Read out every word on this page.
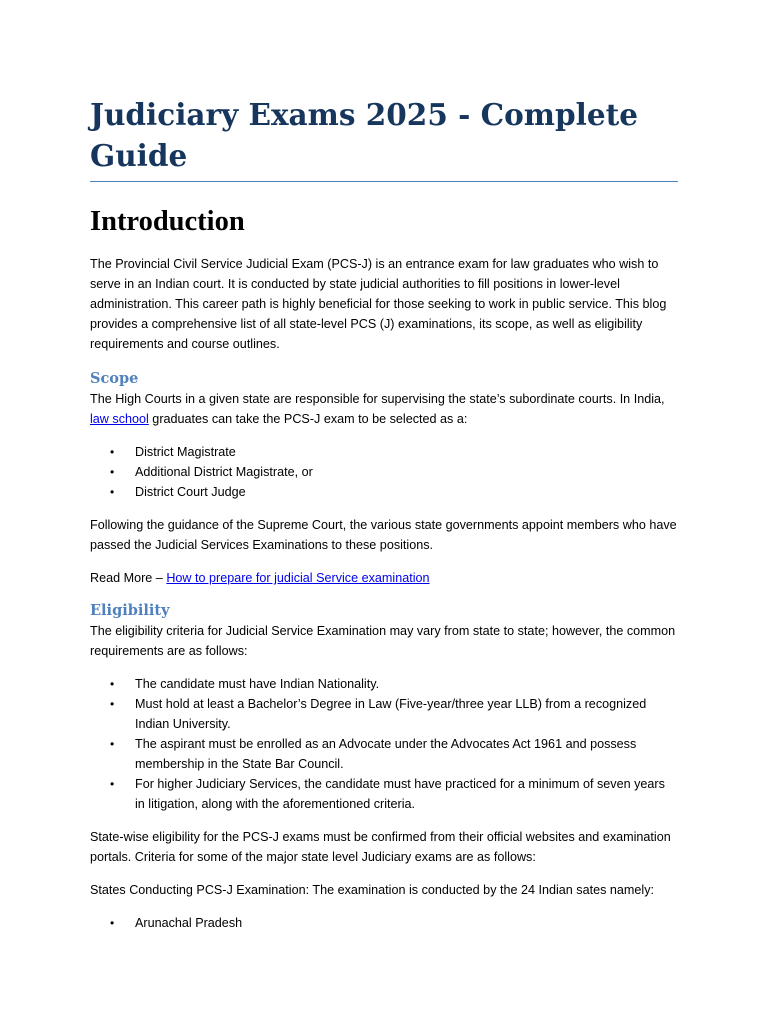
Judiciary Exams 2025 - Complete Guide
Introduction

The Provincial Civil Service Judicial Exam (PCS-J) is an entrance exam for law graduates who wish to serve in an Indian court. It is conducted by state judicial authorities to fill positions in lower-level administration. This career path is highly beneficial for those seeking to work in public service. This blog provides a comprehensive list of all state-level PCS (J) examinations, its scope, as well as eligibility requirements and course outlines.

Scope

The High Courts in a given state are responsible for supervising the state’s subordinate courts. In India, law school graduates can take the PCS-J exam to be selected as a:

• District Magistrate
• Additional District Magistrate, or
• District Court Judge

Following the guidance of the Supreme Court, the various state governments appoint members who have passed the Judicial Services Examinations to these positions.

Read More – How to prepare for judicial Service examination

Eligibility

The eligibility criteria for Judicial Service Examination may vary from state to state; however, the common requirements are as follows:

• The candidate must have Indian Nationality.
• Must hold at least a Bachelor’s Degree in Law (Five-year/three year LLB) from a recognized Indian University.
• The aspirant must be enrolled as an Advocate under the Advocates Act 1961 and possess membership in the State Bar Council.
• For higher Judiciary Services, the candidate must have practiced for a minimum of seven years in litigation, along with the aforementioned criteria.

State-wise eligibility for the PCS-J exams must be confirmed from their official websites and examination portals. Criteria for some of the major state level Judiciary exams are as follows:

States Conducting PCS-J Examination: The examination is conducted by the 24 Indian sates namely:

• Arunachal Pradesh
